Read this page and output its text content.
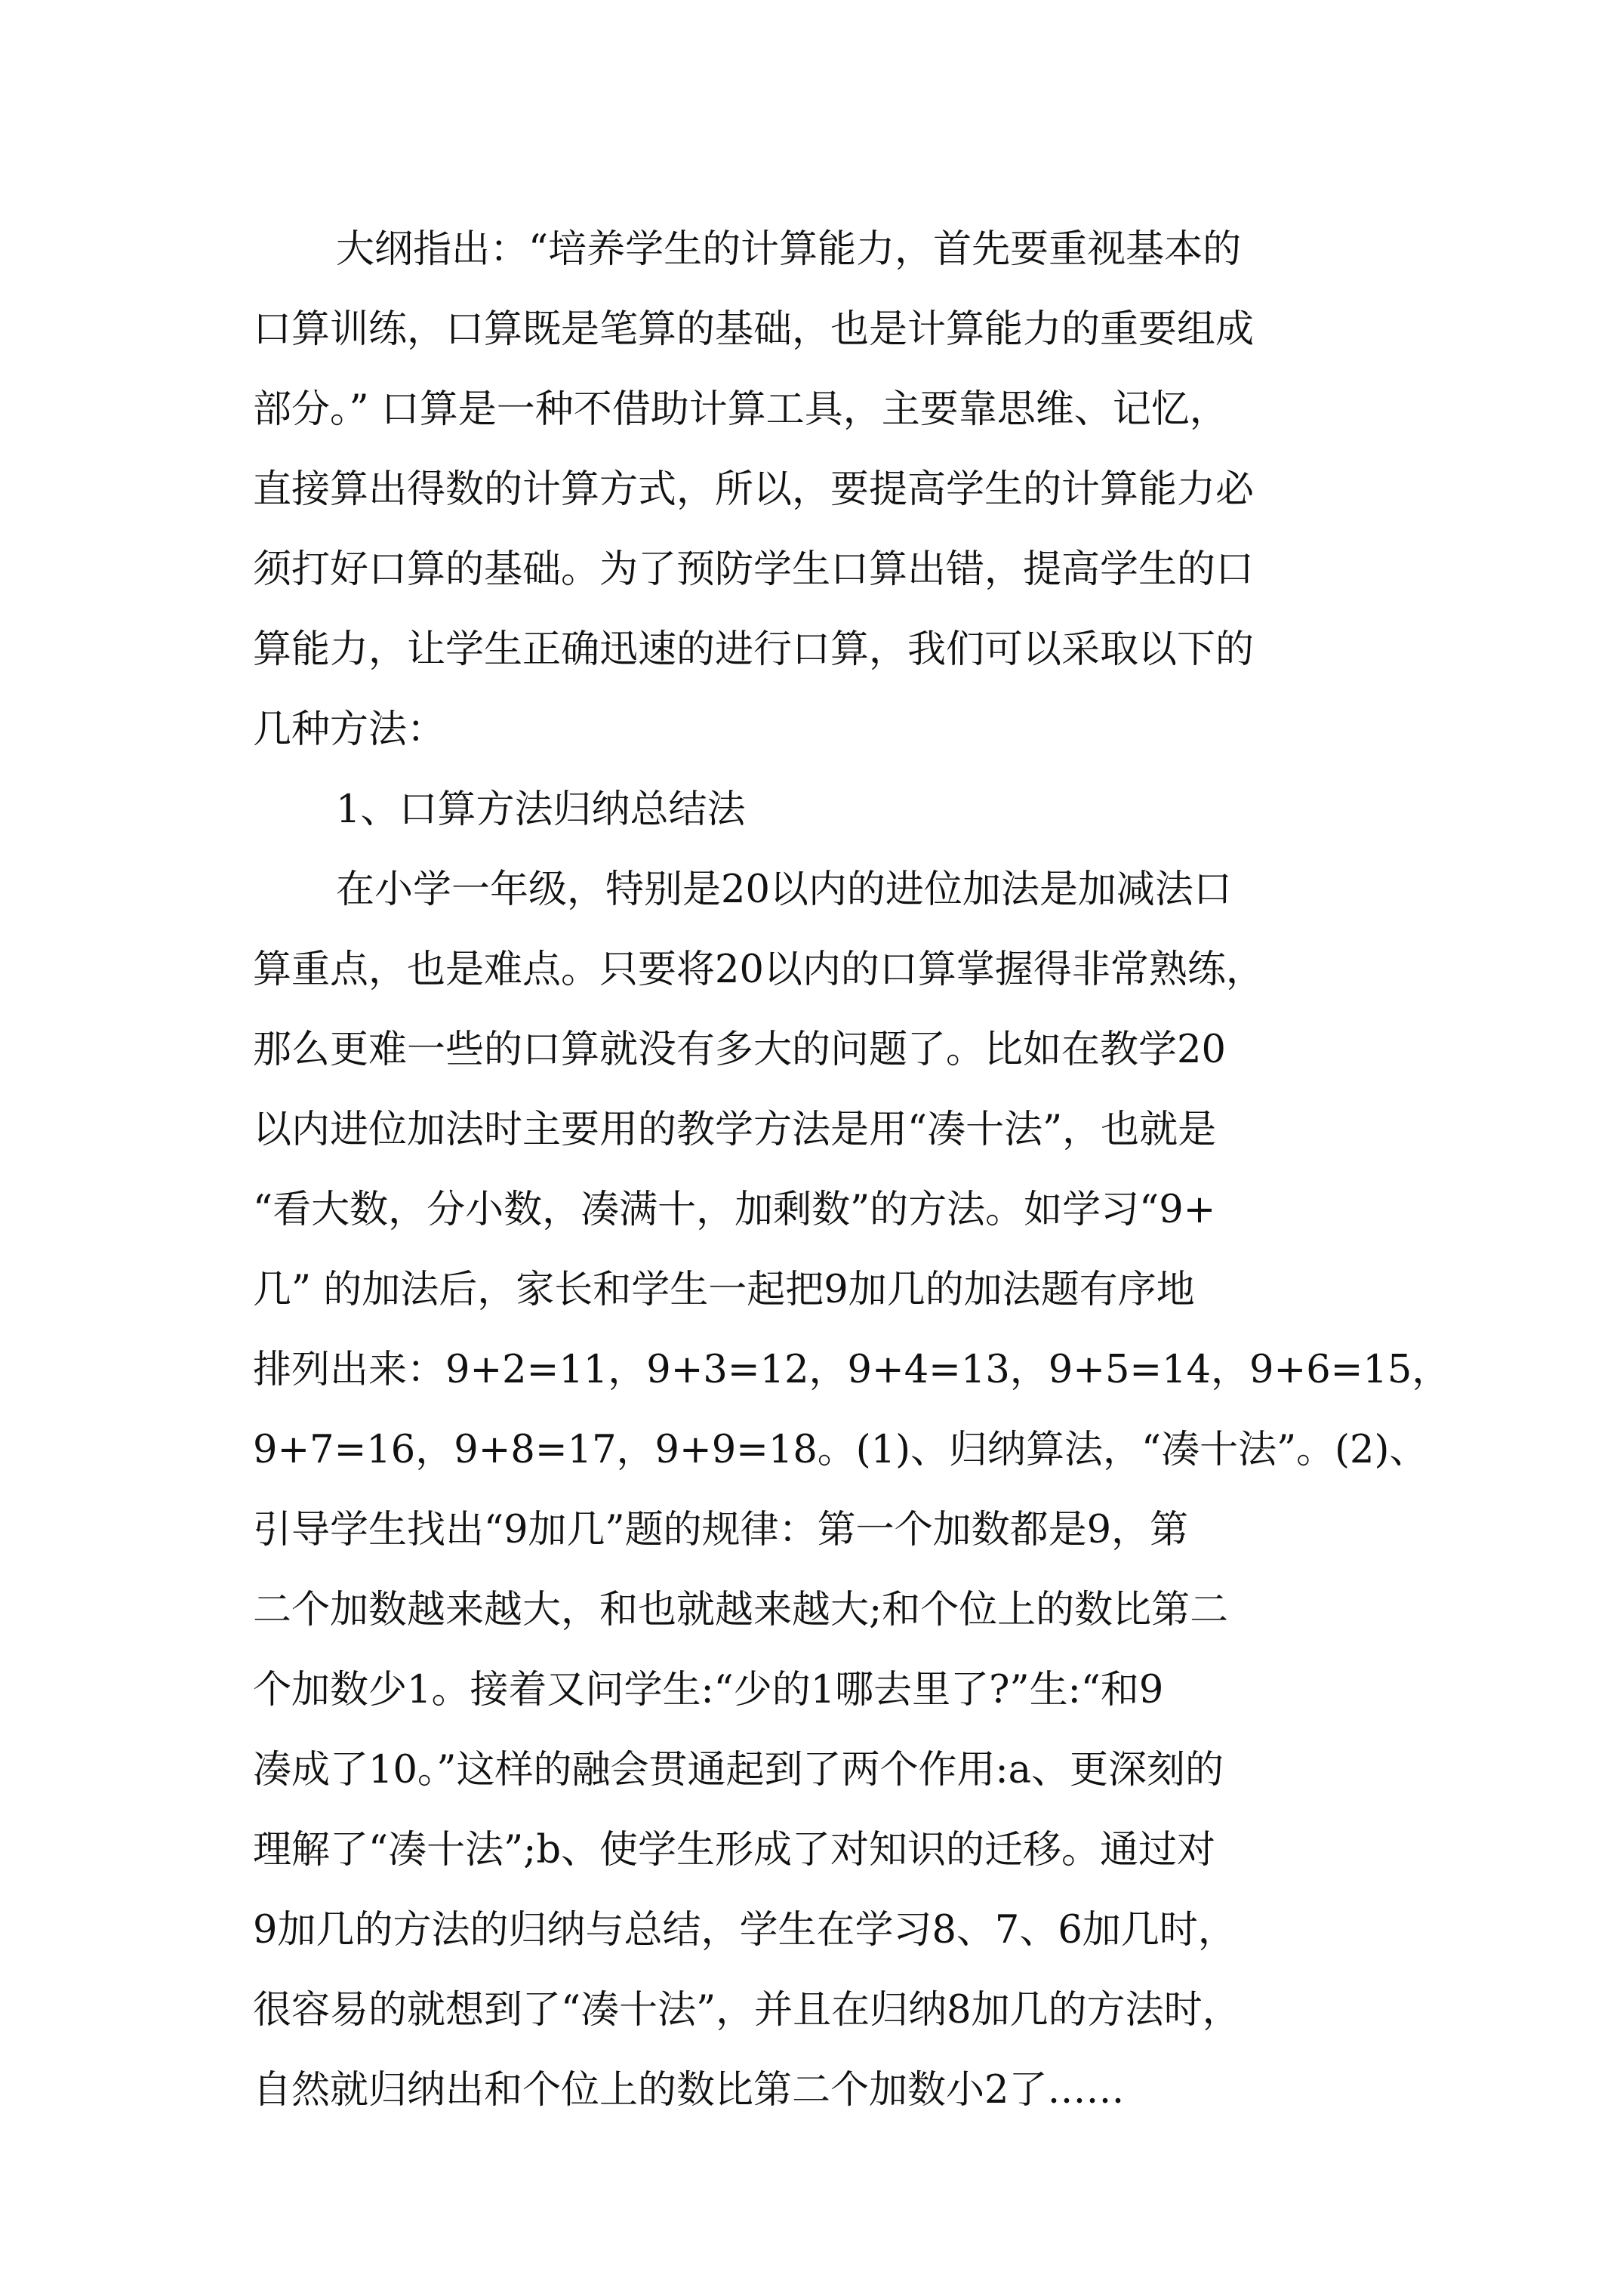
大纲指出：“培养学生的计算能力，首先要重视基本的
口算训练，口算既是笔算的基础，也是计算能力的重要组成
部分。” 口算是一种不借助计算工具，主要靠思维、记忆，
直接算出得数的计算方式，所以，要提高学生的计算能力必
须打好口算的基础。为了预防学生口算出错，提高学生的口
算能力，让学生正确迅速的进行口算，我们可以采取以下的
几种方法：
1、口算方法归纳总结法
在小学一年级，特别是20以内的进位加法是加减法口
算重点，也是难点。只要将20以内的口算掌握得非常熟练，
那么更难一些的口算就没有多大的问题了。比如在教学20
以内进位加法时主要用的教学方法是用“凑十法”，也就是
“看大数，分小数，凑满十，加剩数”的方法。如学习“9+
几” 的加法后，家长和学生一起把9加几的加法题有序地
排列出来：9+2=11，9+3=12，9+4=13，9+5=14，9+6=15，
9+7=16，9+8=17，9+9=18。(1)、归纳算法，“凑十法”。(2)、
引导学生找出“9加几”题的规律：第一个加数都是9，第
二个加数越来越大，和也就越来越大;和个位上的数比第二
个加数少1。接着又问学生:“少的1哪去里了?”生:“和9
凑成了10。”这样的融会贯通起到了两个作用:a、更深刻的
理解了“凑十法”;b、使学生形成了对知识的迁移。通过对
9加几的方法的归纳与总结，学生在学习8、7、6加几时，
很容易的就想到了“凑十法”，并且在归纳8加几的方法时，
自然就归纳出和个位上的数比第二个加数小2了……
